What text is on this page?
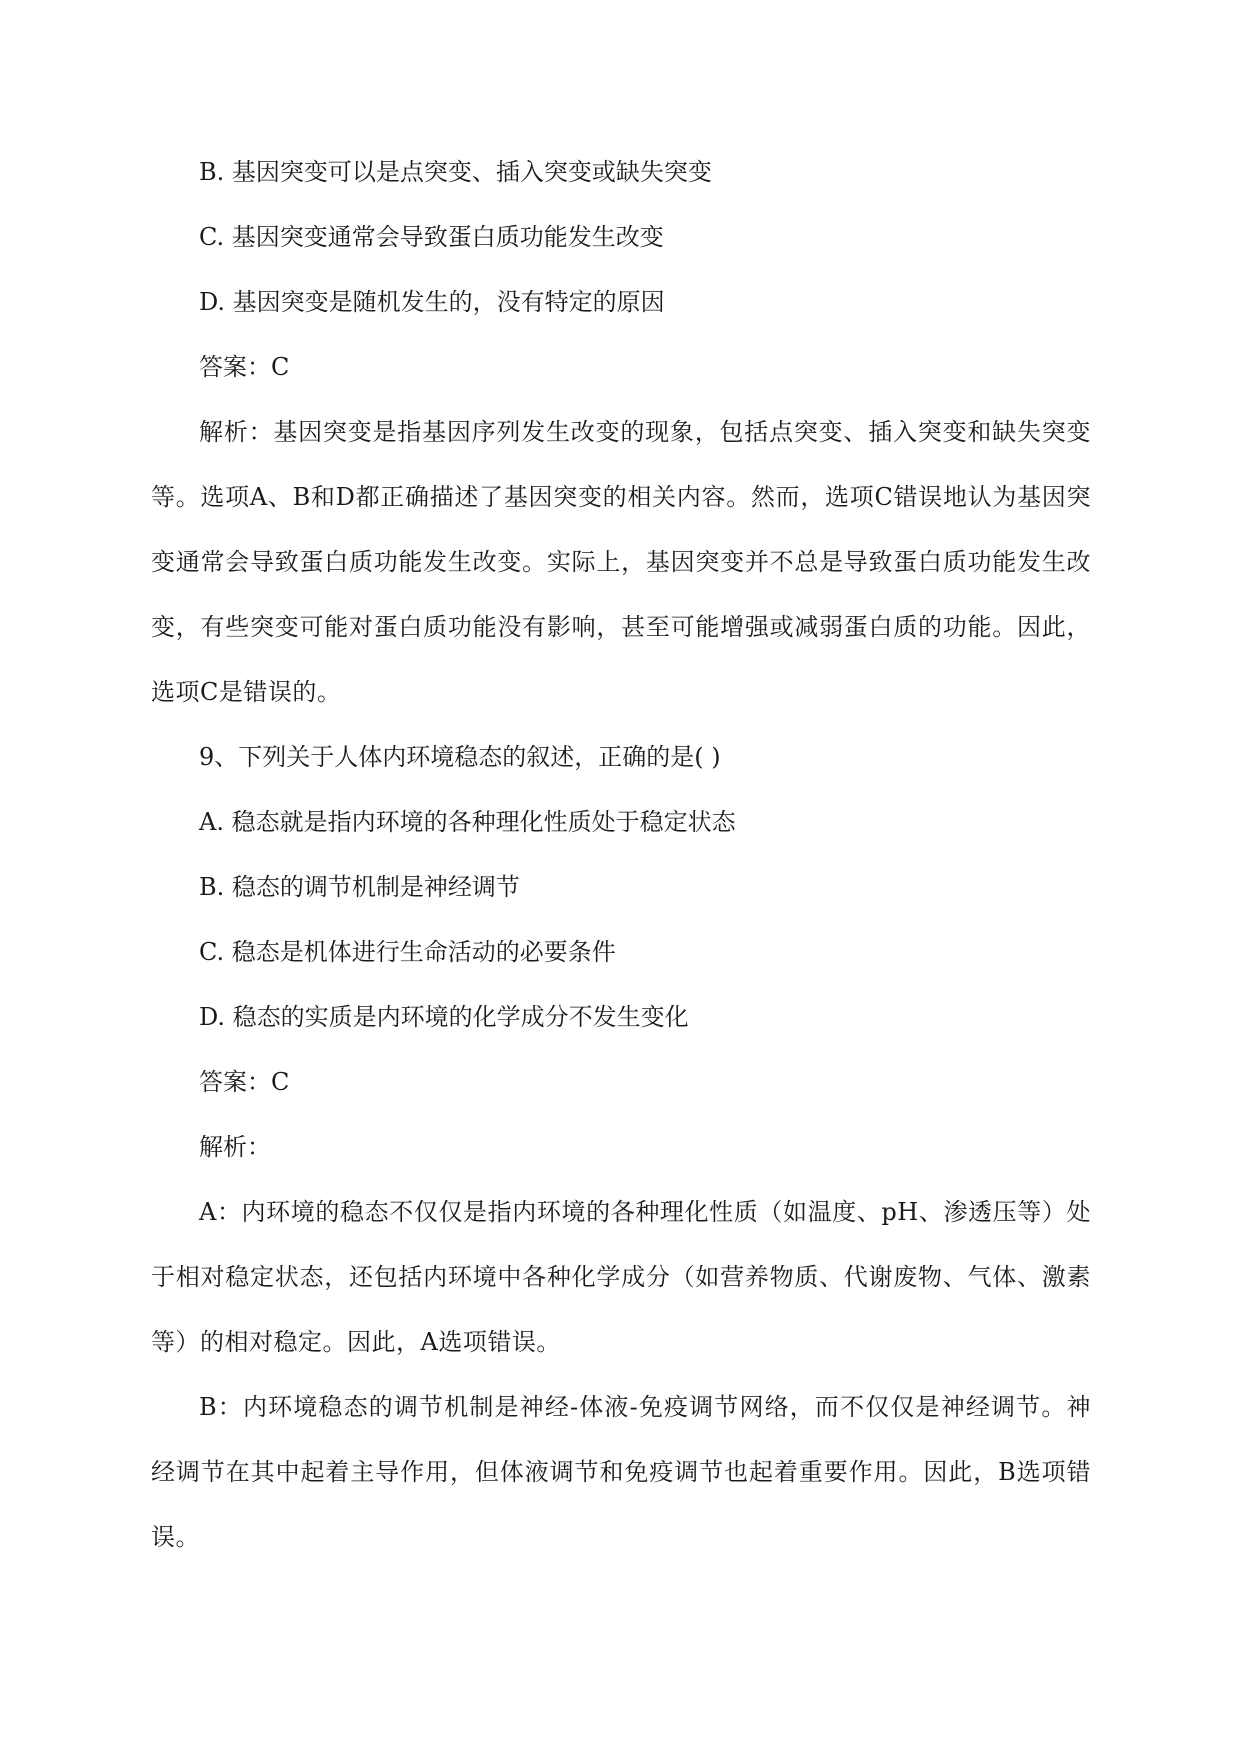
B. 基因突变可以是点突变、插入突变或缺失突变

C. 基因突变通常会导致蛋白质功能发生改变

D. 基因突变是随机发生的，没有特定的原因

答案：C

解析：基因突变是指基因序列发生改变的现象，包括点突变、插入突变和缺失突变等。选项A、B和D都正确描述了基因突变的相关内容。然而，选项C错误地认为基因突变通常会导致蛋白质功能发生改变。实际上，基因突变并不总是导致蛋白质功能发生改变，有些突变可能对蛋白质功能没有影响，甚至可能增强或减弱蛋白质的功能。因此，选项C是错误的。

9、下列关于人体内环境稳态的叙述，正确的是( )

A. 稳态就是指内环境的各种理化性质处于稳定状态

B. 稳态的调节机制是神经调节

C. 稳态是机体进行生命活动的必要条件

D. 稳态的实质是内环境的化学成分不发生变化

答案：C

解析：

A：内环境的稳态不仅仅是指内环境的各种理化性质（如温度、pH、渗透压等）处于相对稳定状态，还包括内环境中各种化学成分（如营养物质、代谢废物、气体、激素等）的相对稳定。因此，A选项错误。

B：内环境稳态的调节机制是神经-体液-免疫调节网络，而不仅仅是神经调节。神经调节在其中起着主导作用，但体液调节和免疫调节也起着重要作用。因此，B选项错误。
